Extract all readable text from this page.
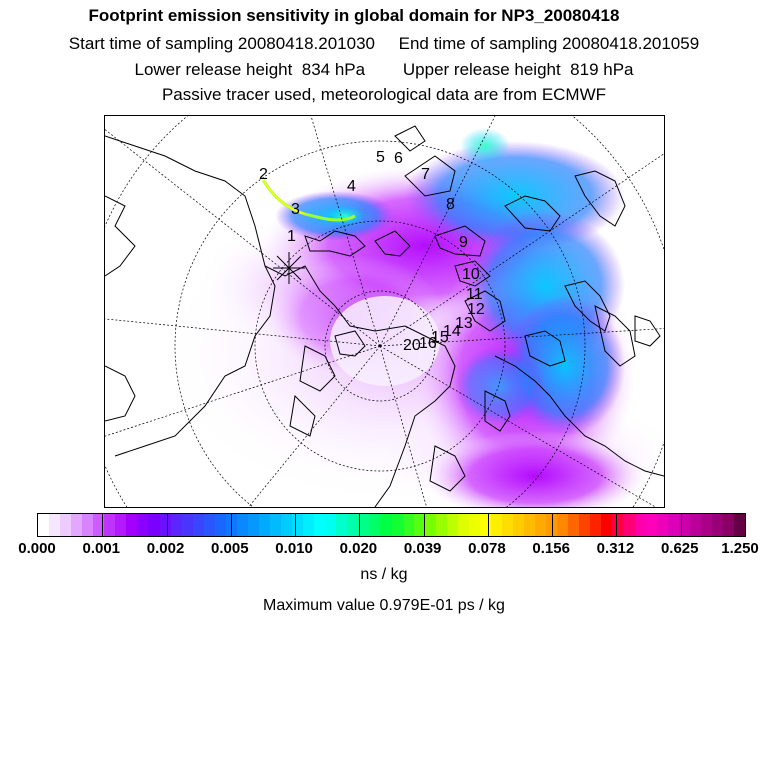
Footprint emission sensitivity in global domain for NP3_20080418
Start time of sampling 20080418.201030     End time of sampling 20080418.201059
Lower release height  834 hPa        Upper release height  819 hPa
Passive tracer used, meteorological data are from ECMWF
2
3
1
4
5 6
7
8
9
10
11
12
13
14
15
16
20
0.000 0.001 0.002 0.005 0.010 0.020 0.039 0.078 0.156 0.312 0.625 1.250
ns / kg
Maximum value 0.979E-01 ps / kg
